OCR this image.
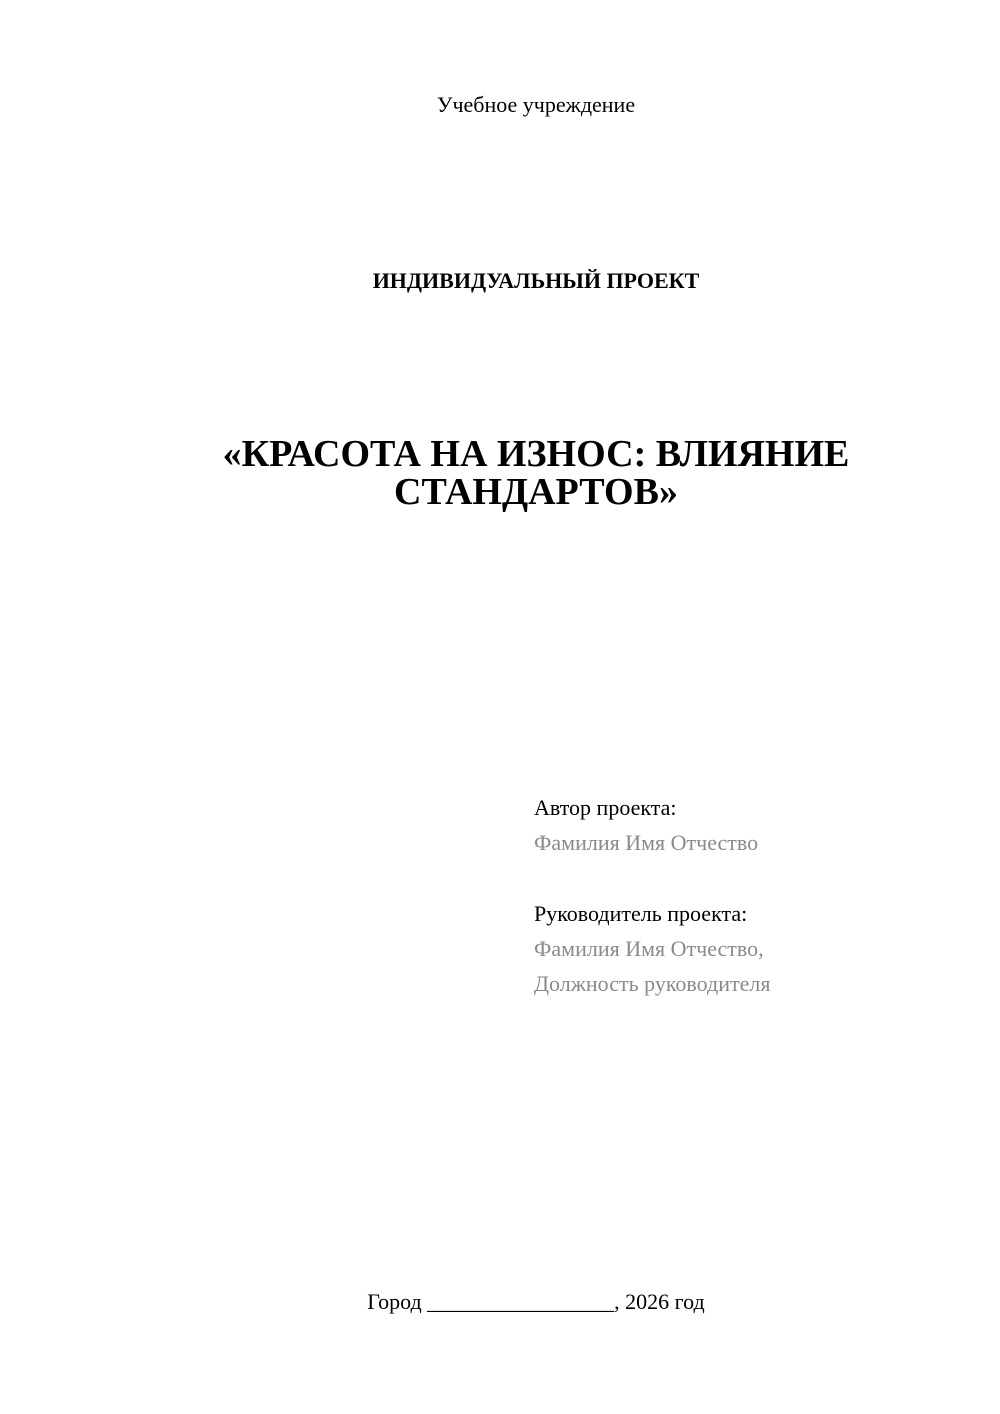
Учебное учреждение
ИНДИВИДУАЛЬНЫЙ ПРОЕКТ
«КРАСОТА НА ИЗНОС: ВЛИЯНИЕ
СТАНДАРТОВ»
Автор проекта:
Фамилия Имя Отчество
Руководитель проекта:
Фамилия Имя Отчество,
Должность руководителя
Город _________________, 2026 год
